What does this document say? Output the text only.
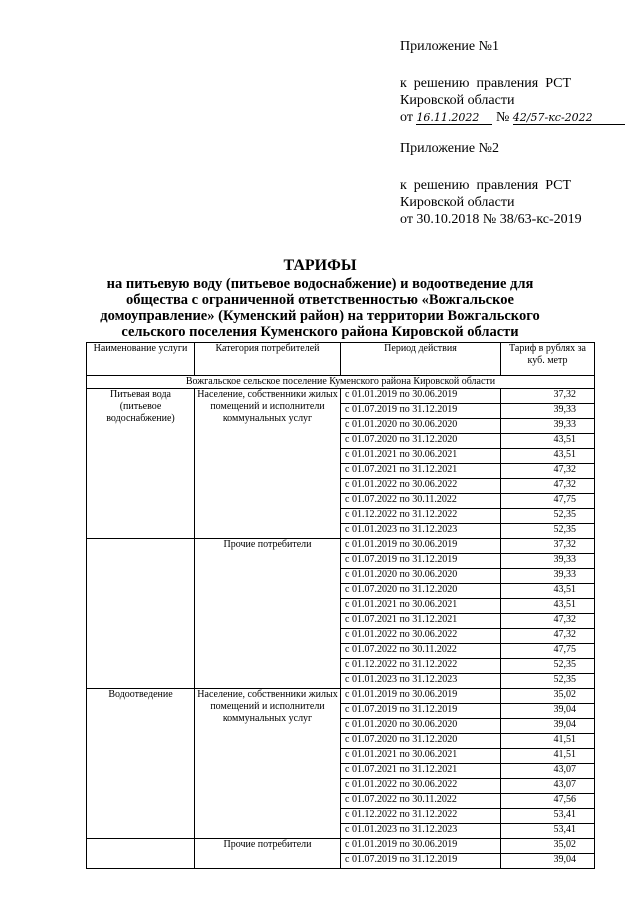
Приложение №1
к  решению  правления  РСТ
Кировской области
от 16.11.2022 № 42/57-кс-2022
Приложение №2
к  решению  правления  РСТ
Кировской области
от 30.10.2018 № 38/63-кс-2019
ТАРИФЫ
на питьевую воду (питьевое водоснабжение) и водоотведение для
общества с ограниченной ответственностью «Вожгальское
домоуправление» (Куменский район) на территории Вожгальского
сельского поселения Куменского района Кировской области
Наименование услуги	Категория потребителей	Период действия	Тариф в рублях за куб. метр
Вожгальское сельское поселение Куменского района Кировской области			
Питьевая вода (питьевое водоснабжение)	Население, собственники жилых помещений и исполнители коммунальных услуг	с 01.01.2019 по 30.06.2019	37,32
		с 01.07.2019 по 31.12.2019	39,33
		с 01.01.2020 по 30.06.2020	39,33
		с 01.07.2020 по 31.12.2020	43,51
		с 01.01.2021 по 30.06.2021	43,51
		с 01.07.2021 по 31.12.2021	47,32
		с 01.01.2022 по 30.06.2022	47,32
		с 01.07.2022 по 30.11.2022	47,75
		с 01.12.2022 по 31.12.2022	52,35
		с 01.01.2023 по 31.12.2023	52,35
	Прочие потребители	с 01.01.2019 по 30.06.2019	37,32
		с 01.07.2019 по 31.12.2019	39,33
		с 01.01.2020 по 30.06.2020	39,33
		с 01.07.2020 по 31.12.2020	43,51
		с 01.01.2021 по 30.06.2021	43,51
		с 01.07.2021 по 31.12.2021	47,32
		с 01.01.2022 по 30.06.2022	47,32
		с 01.07.2022 по 30.11.2022	47,75
		с 01.12.2022 по 31.12.2022	52,35
		с 01.01.2023 по 31.12.2023	52,35
Водоотведение	Население, собственники жилых помещений и исполнители коммунальных услуг	с 01.01.2019 по 30.06.2019	35,02
		с 01.07.2019 по 31.12.2019	39,04
		с 01.01.2020 по 30.06.2020	39,04
		с 01.07.2020 по 31.12.2020	41,51
		с 01.01.2021 по 30.06.2021	41,51
		с 01.07.2021 по 31.12.2021	43,07
		с 01.01.2022 по 30.06.2022	43,07
		с 01.07.2022 по 30.11.2022	47,56
		с 01.12.2022 по 31.12.2022	53,41
		с 01.01.2023 по 31.12.2023	53,41
	Прочие потребители	с 01.01.2019 по 30.06.2019	35,02
		с 01.07.2019 по 31.12.2019	39,04
